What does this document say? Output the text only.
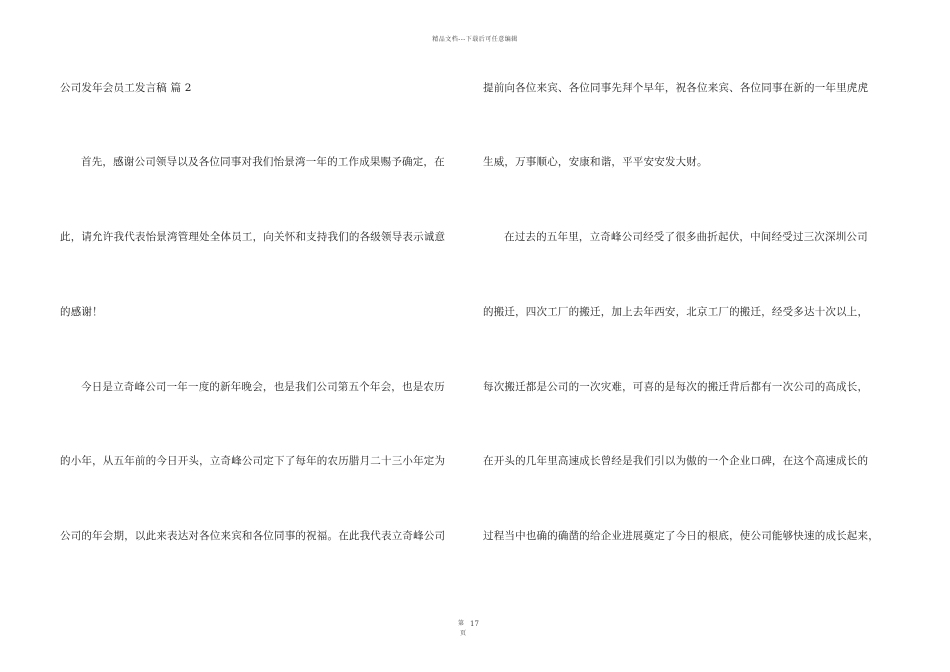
精品文档---下载后可任意编辑
公司发年会员工发言稿 篇 2
首先，感谢公司领导以及各位同事对我们怡景湾一年的工作成果赐予确定，在
此，请允许我代表怡景湾管理处全体员工，向关怀和支持我们的各级领导表示诚意
的感谢！
今日是立奇峰公司一年一度的新年晚会，也是我们公司第五个年会，也是农历
的小年，从五年前的今日开头，立奇峰公司定下了每年的农历腊月二十三小年定为
公司的年会期，以此来表达对各位来宾和各位同事的祝福。在此我代表立奇峰公司
提前向各位来宾、各位同事先拜个早年，祝各位来宾、各位同事在新的一年里虎虎
生威，万事顺心，安康和谐，平平安安发大财。
在过去的五年里，立奇峰公司经受了很多曲折起伏，中间经受过三次深圳公司
的搬迁，四次工厂的搬迁，加上去年西安，北京工厂的搬迁，经受多达十次以上，
每次搬迁都是公司的一次灾难，可喜的是每次的搬迁背后都有一次公司的高成长，
在开头的几年里高速成长曾经是我们引以为傲的一个企业口碑，在这个高速成长的
过程当中也确的确凿的给企业进展奠定了今日的根底，使公司能够快速的成长起来，
第 17
页
